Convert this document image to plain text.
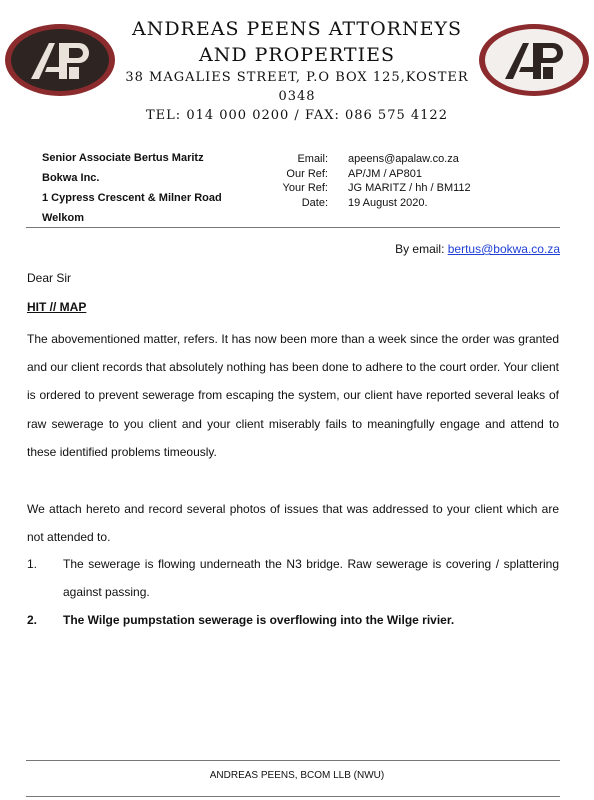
ANDREAS PEENS ATTORNEYS
AND PROPERTIES
38 MAGALIES STREET, P.O BOX 125,KOSTER 0348
TEL: 014 000 0200 / FAX: 086 575 4122
Senior Associate Bertus Maritz
Bokwa Inc.
1 Cypress Crescent & Milner Road
Welkom
Email:
Our Ref:
Your Ref:
Date:
apeens@apalaw.co.za
AP/JM / AP801
JG MARITZ / hh / BM112
19 August 2020.
By email: bertus@bokwa.co.za
Dear Sir
HIT // MAP
The abovementioned matter, refers. It has now been more than a week since the order was granted and our client records that absolutely nothing has been done to adhere to the court order. Your client is ordered to prevent sewerage from escaping the system, our client have reported several leaks of raw sewerage to you client and your client miserably fails to meaningfully engage and attend to these identified problems timeously.
We attach hereto and record several photos of issues that was addressed to your client which are not attended to.
1. The sewerage is flowing underneath the N3 bridge. Raw sewerage is covering / splattering against passing.
2. The Wilge pumpstation sewerage is overflowing into the Wilge rivier.
ANDREAS PEENS, BCOM LLB (NWU)
